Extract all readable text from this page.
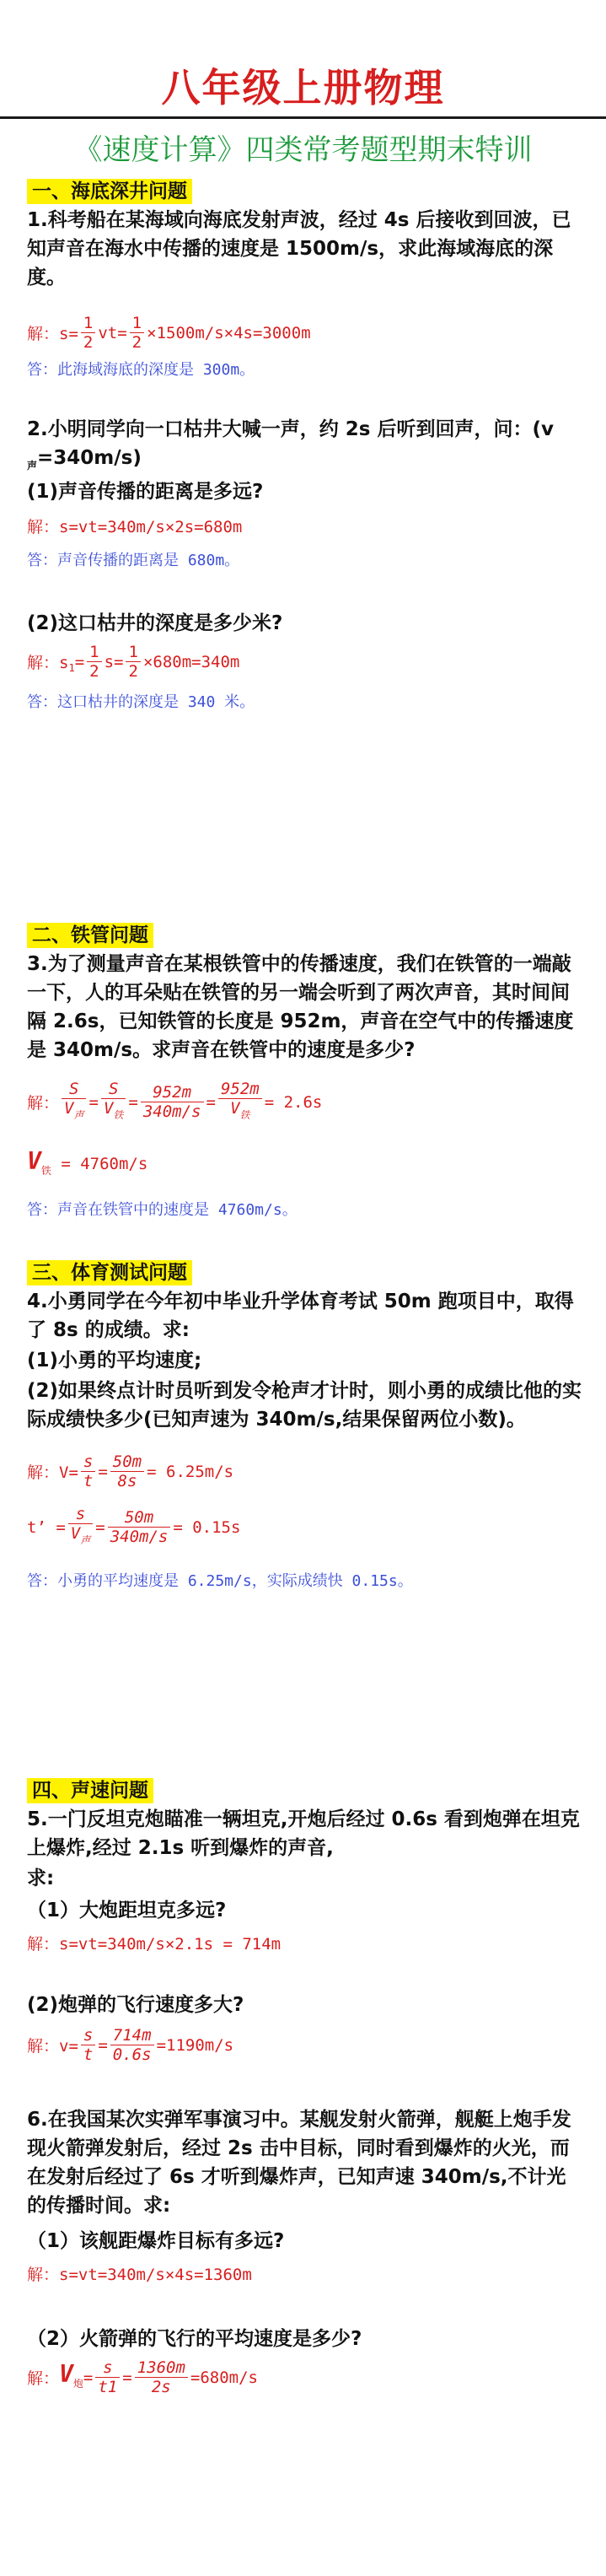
八年级上册物理
《速度计算》四类常考题型期末特训
一、海底深井问题
1.科考船在某海域向海底发射声波，经过 4s 后接收到回波，已知声音在海水中传播的速度是 1500m/s，求此海域海底的深度。
解：$s= \frac{1}{2} vt= \frac{1}{2} \times 1500m/s\times 4s=3000m$
答：此海域海底的深度是 300m。
2.小明同学向一口枯井大喊一声，约 2s 后听到回声，问：(v
$_声$=340m/s)
(1)声音传播的距离是多远?
解：s=vt=340m/s×2s=680m
答：声音传播的距离是 680m。
(2)这口枯井的深度是多少米?
解：$s_1= \frac{1}{2} s= \frac{1}{2} \times 680m=340m$
答：这口枯井的深度是 340 米。
二、铁管问题
3.为了测量声音在某根铁管中的传播速度，我们在铁管的一端敲一下，人的耳朵贴在铁管的另一端会听到了两次声音，其时间间隔 2.6s，已知铁管的长度是 952m，声音在空气中的传播速度是 340m/s。求声音在铁管中的速度是多少?
解： $\frac{S}{V_声} = \frac{S}{V_铁} = \frac{952m}{340m/s} = \frac{952m}{V_铁} = 2.6s$
$V_铁 = 4760m/s$
答：声音在铁管中的速度是 4760m/s。
三、体育测试问题
4.小勇同学在今年初中毕业升学体育考试 50m 跑项目中，取得了 8s 的成绩。求:
(1)小勇的平均速度;
(2)如果终点计时员听到发令枪声才计时，则小勇的成绩比他的实际成绩快多少(已知声速为 340m/s,结果保留两位小数)。
解：$V= \frac{s}{t} = \frac{50m}{8s} = 6.25m/s$
t’ = $\frac{s}{V_声} = \frac{50m}{340m/s} = 0.15s$
答：小勇的平均速度是 6.25m/s，实际成绩快 0.15s。
四、声速问题
5.一门反坦克炮瞄准一辆坦克,开炮后经过 0.6s 看到炮弹在坦克上爆炸,经过 2.1s 听到爆炸的声音,
求:
（1）大炮距坦克多远?
解：s=vt=340m/s×2.1s = 714m
(2)炮弹的飞行速度多大?
解：$v= \frac{s}{t} = \frac{714m}{0.6s} =1190m/s$
6.在我国某次实弹军事演习中。某舰发射火箭弹，舰艇上炮手发现火箭弹发射后，经过 2s 击中目标，同时看到爆炸的火光，而在发射后经过了 6s 才听到爆炸声，已知声速 340m/s,不计光的传播时间。求:
（1）该舰距爆炸目标有多远?
解：s=vt=340m/s×4s=1360m
（2）火箭弹的飞行的平均速度是多少?
解：$V_炮= \frac{s}{t1} = \frac{1360m}{2s} =680m/s$
